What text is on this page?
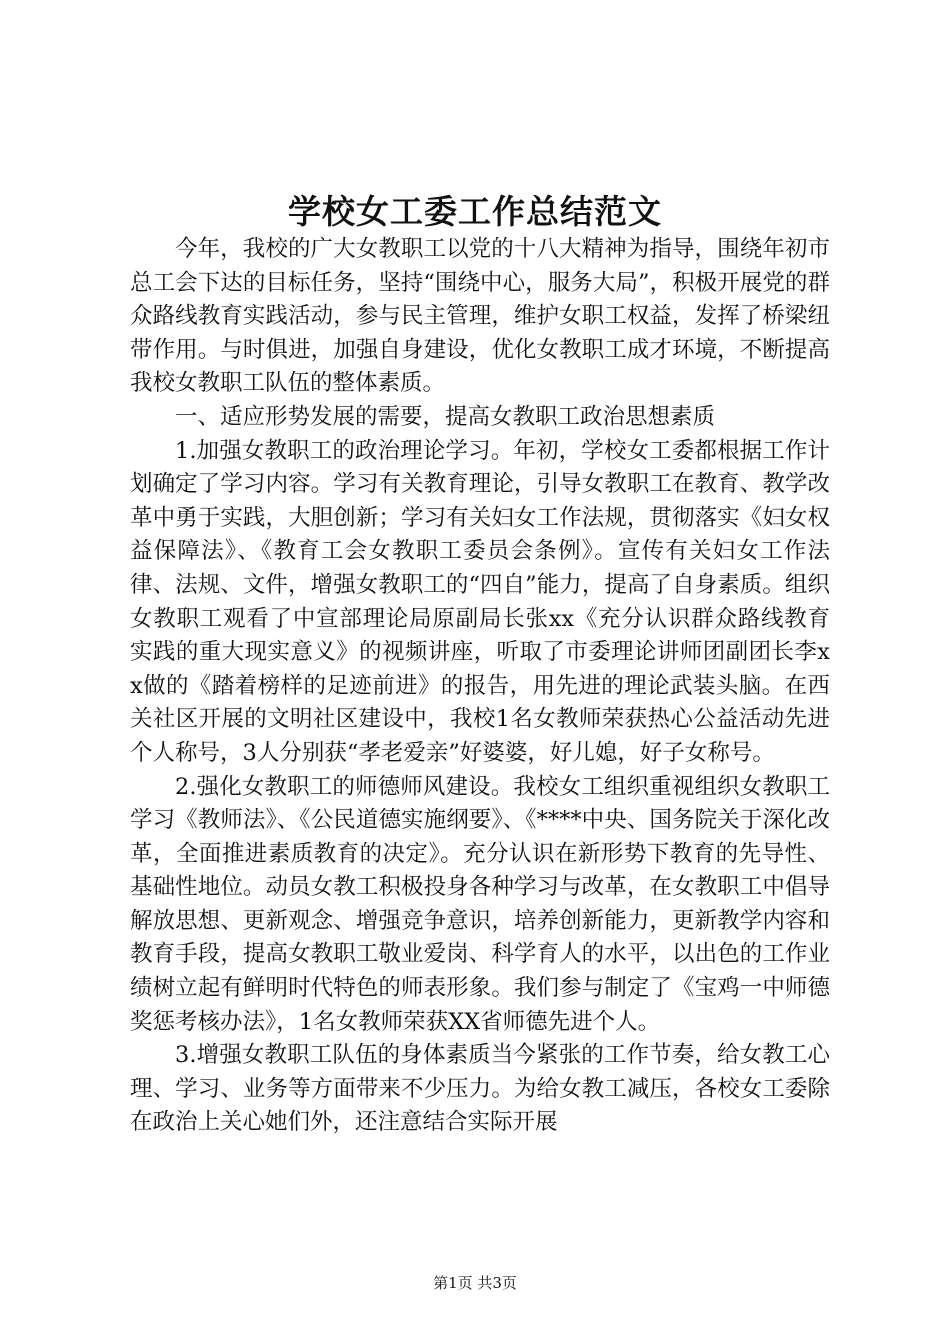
学校女工委工作总结范文

今年，我校的广大女教职工以党的十八大精神为指导，围绕年初市总工会下达的目标任务，坚持“围绕中心，服务大局”，积极开展党的群众路线教育实践活动，参与民主管理，维护女职工权益，发挥了桥梁纽带作用。与时俱进，加强自身建设，优化女教职工成才环境，不断提高我校女教职工队伍的整体素质。

一、适应形势发展的需要，提高女教职工政治思想素质

1.加强女教职工的政治理论学习。年初，学校女工委都根据工作计划确定了学习内容。学习有关教育理论，引导女教职工在教育、教学改革中勇于实践，大胆创新；学习有关妇女工作法规，贯彻落实《妇女权益保障法》、《教育工会女教职工委员会条例》。宣传有关妇女工作法律、法规、文件，增强女教职工的“四自”能力，提高了自身素质。组织女教职工观看了中宣部理论局原副局长张xx《充分认识群众路线教育实践的重大现实意义》的视频讲座，听取了市委理论讲师团副团长李xx做的《踏着榜样的足迹前进》的报告，用先进的理论武装头脑。在西关社区开展的文明社区建设中，我校1名女教师荣获热心公益活动先进个人称号，3人分别获“孝老爱亲”好婆婆，好儿媳，好子女称号。

2.强化女教职工的师德师风建设。我校女工组织重视组织女教职工学习《教师法》、《公民道德实施纲要》、《****中央、国务院关于深化改革，全面推进素质教育的决定》。充分认识在新形势下教育的先导性、基础性地位。动员女教工积极投身各种学习与改革，在女教职工中倡导解放思想、更新观念、增强竞争意识，培养创新能力，更新教学内容和教育手段，提高女教职工敬业爱岗、科学育人的水平，以出色的工作业绩树立起有鲜明时代特色的师表形象。我们参与制定了《宝鸡一中师德奖惩考核办法》，1名女教师荣获XX省师德先进个人。

3.增强女教职工队伍的身体素质当今紧张的工作节奏，给女教工心理、学习、业务等方面带来不少压力。为给女教工减压，各校女工委除在政治上关心她们外，还注意结合实际开展

第1页 共3页
